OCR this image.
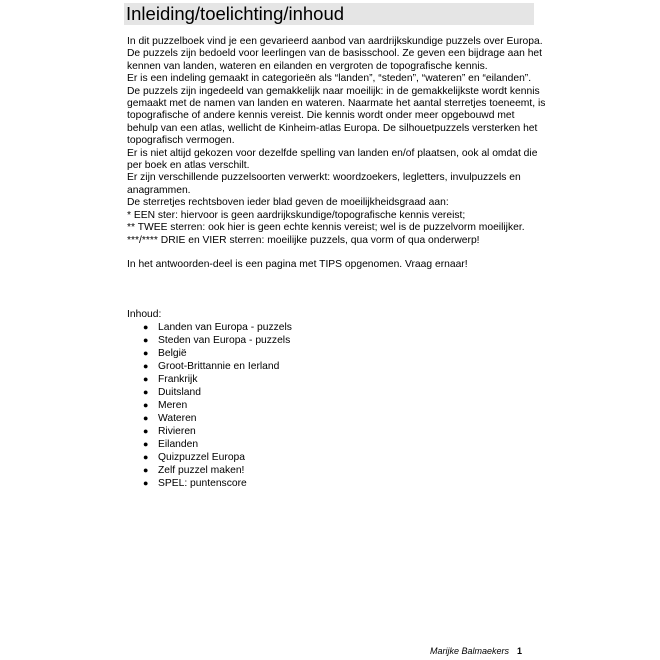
Inleiding/toelichting/inhoud

In dit puzzelboek vind je een gevarieerd aanbod van aardrijkskundige puzzels over Europa.

De puzzels zijn bedoeld voor leerlingen van de basisschool. Ze geven een bijdrage aan het kennen van landen, wateren en eilanden en vergroten de topografische kennis.

Er is een indeling gemaakt in categorieën als “landen”, “steden”, “wateren” en “eilanden”.

De puzzels zijn ingedeeld van gemakkelijk naar moeilijk: in de gemakkelijkste wordt kennis gemaakt met de namen van landen en wateren. Naarmate het aantal sterretjes toeneemt, is topografische of andere kennis vereist. Die kennis wordt onder meer opgebouwd met behulp van een atlas, wellicht de Kinheim-atlas Europa. De silhouetpuzzels versterken het topografisch vermogen.

Er is niet altijd gekozen voor dezelfde spelling van landen en/of plaatsen, ook al omdat die per boek en atlas verschilt.

Er zijn verschillende puzzelsoorten verwerkt: woordzoekers, legletters, invulpuzzels en anagrammen.

De sterretjes rechtsboven ieder blad geven de moeilijkheidsgraad aan:

* EEN ster: hiervoor is geen aardrijkskundige/topografische kennis vereist;

** TWEE sterren: ook hier is geen echte kennis vereist; wel is de puzzelvorm moeilijker.

***/**** DRIE en VIER sterren: moeilijke puzzels, qua vorm of qua onderwerp!

In het antwoorden-deel is een pagina met TIPS opgenomen. Vraag ernaar!

Inhoud:

● Landen van Europa - puzzels
● Steden van Europa - puzzels
● België
● Groot-Brittannie en Ierland
● Frankrijk
● Duitsland
● Meren
● Wateren
● Rivieren
● Eilanden
● Quizpuzzel Europa
● Zelf puzzel maken!
● SPEL: puntenscore
Marijke Balmaekers 1
